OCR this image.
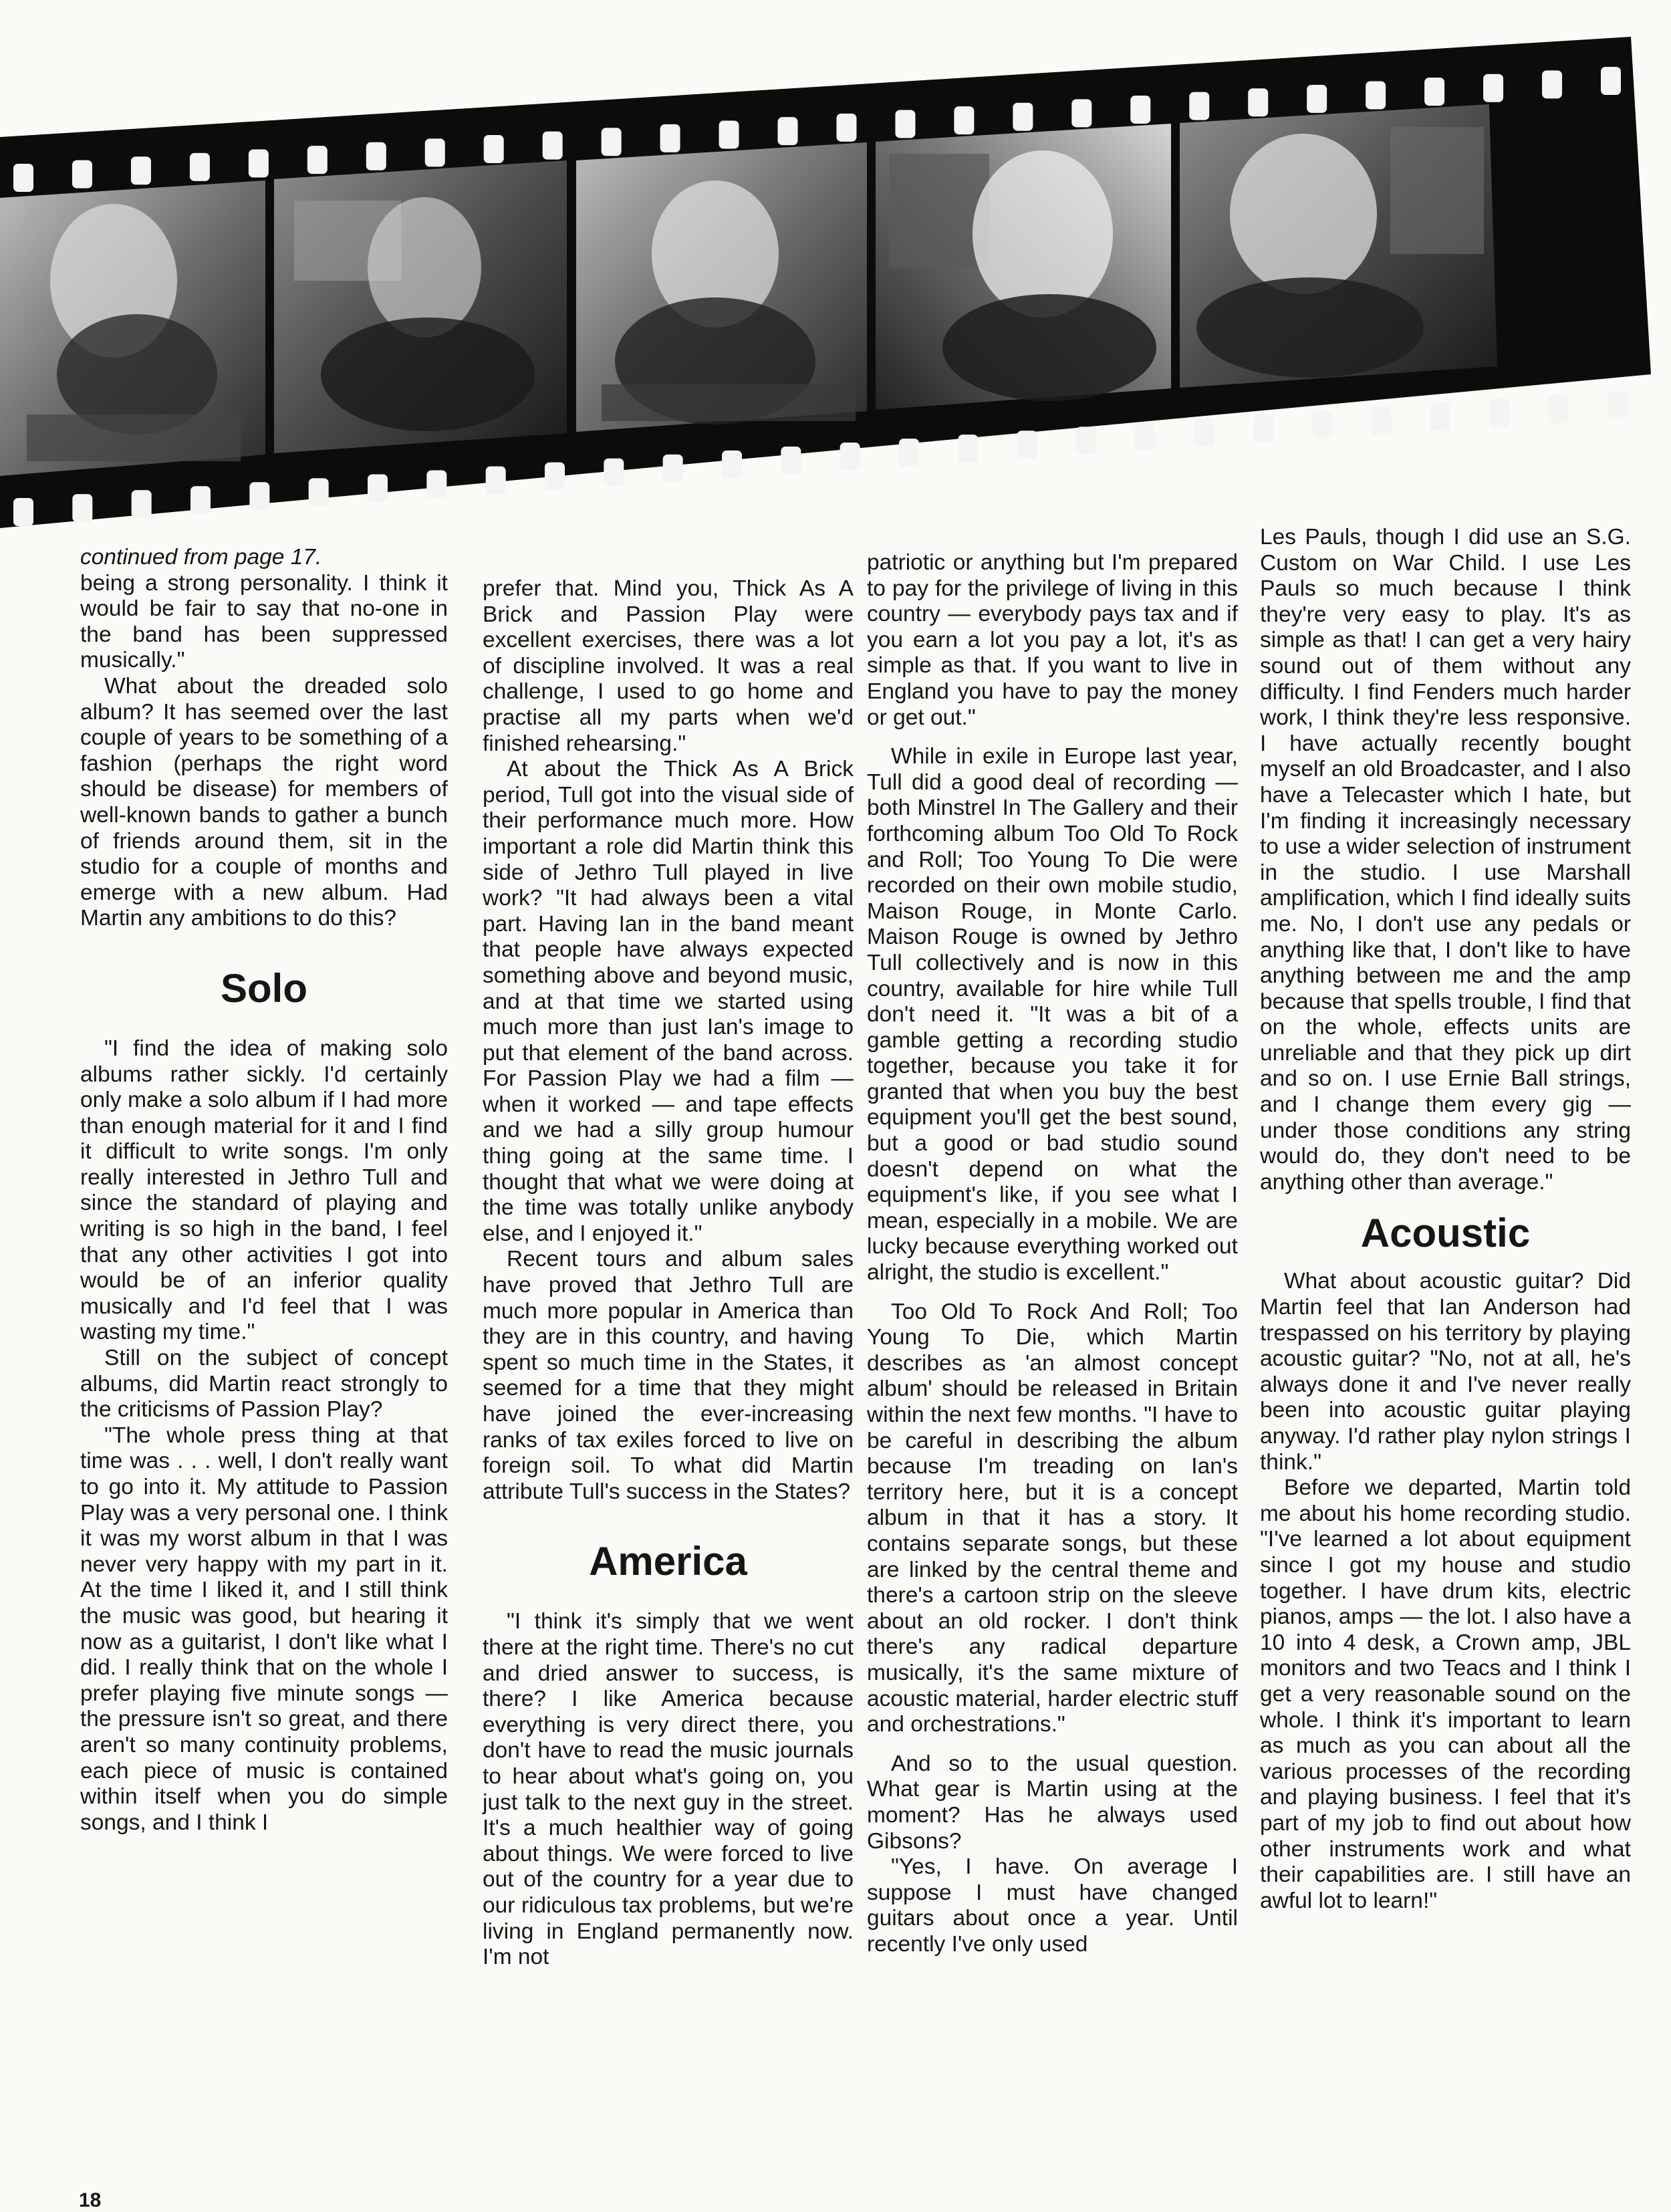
continued from page 17.

being a strong personality. I think it would be fair to say that no-one in the band has been suppressed musically."

What about the dreaded solo album? It has seemed over the last couple of years to be something of a fashion (perhaps the right word should be disease) for members of well-known bands to gather a bunch of friends around them, sit in the studio for a couple of months and emerge with a new album. Had Martin any ambitions to do this?

Solo

"I find the idea of making solo albums rather sickly. I'd certainly only make a solo album if I had more than enough material for it and I find it difficult to write songs. I'm only really interested in Jethro Tull and since the standard of playing and writing is so high in the band, I feel that any other activities I got into would be of an inferior quality musically and I'd feel that I was wasting my time."

Still on the subject of concept albums, did Martin react strongly to the criticisms of Passion Play?

"The whole press thing at that time was . . . well, I don't really want to go into it. My attitude to Passion Play was a very personal one. I think it was my worst album in that I was never very happy with my part in it. At the time I liked it, and I still think the music was good, but hearing it now as a guitarist, I don't like what I did. I really think that on the whole I prefer playing five minute songs — the pressure isn't so great, and there aren't so many continuity problems, each piece of music is contained within itself when you do simple songs, and I think I

prefer that. Mind you, Thick As A Brick and Passion Play were excellent exercises, there was a lot of discipline involved. It was a real challenge, I used to go home and practise all my parts when we'd finished rehearsing."

At about the Thick As A Brick period, Tull got into the visual side of their performance much more. How important a role did Martin think this side of Jethro Tull played in live work? "It had always been a vital part. Having Ian in the band meant that people have always expected something above and beyond music, and at that time we started using much more than just Ian's image to put that element of the band across. For Passion Play we had a film — when it worked — and tape effects and we had a silly group humour thing going at the same time. I thought that what we were doing at the time was totally unlike anybody else, and I enjoyed it."

Recent tours and album sales have proved that Jethro Tull are much more popular in America than they are in this country, and having spent so much time in the States, it seemed for a time that they might have joined the ever-increasing ranks of tax exiles forced to live on foreign soil. To what did Martin attribute Tull's success in the States?

America

"I think it's simply that we went there at the right time. There's no cut and dried answer to success, is there? I like America because everything is very direct there, you don't have to read the music journals to hear about what's going on, you just talk to the next guy in the street. It's a much healthier way of going about things. We were forced to live out of the country for a year due to our ridiculous tax problems, but we're living in England permanently now. I'm not

patriotic or anything but I'm prepared to pay for the privilege of living in this country — everybody pays tax and if you earn a lot you pay a lot, it's as simple as that. If you want to live in England you have to pay the money or get out."

While in exile in Europe last year, Tull did a good deal of recording — both Minstrel In The Gallery and their forthcoming album Too Old To Rock and Roll; Too Young To Die were recorded on their own mobile studio, Maison Rouge, in Monte Carlo. Maison Rouge is owned by Jethro Tull collectively and is now in this country, available for hire while Tull don't need it. "It was a bit of a gamble getting a recording studio together, because you take it for granted that when you buy the best equipment you'll get the best sound, but a good or bad studio sound doesn't depend on what the equipment's like, if you see what I mean, especially in a mobile. We are lucky because everything worked out alright, the studio is excellent."

Too Old To Rock And Roll; Too Young To Die, which Martin describes as 'an almost concept album' should be released in Britain within the next few months. "I have to be careful in describing the album because I'm treading on Ian's territory here, but it is a concept album in that it has a story. It contains separate songs, but these are linked by the central theme and there's a cartoon strip on the sleeve about an old rocker. I don't think there's any radical departure musically, it's the same mixture of acoustic material, harder electric stuff and orchestrations."

And so to the usual question. What gear is Martin using at the moment? Has he always used Gibsons?

"Yes, I have. On average I suppose I must have changed guitars about once a year. Until recently I've only used

Les Pauls, though I did use an S.G. Custom on War Child. I use Les Pauls so much because I think they're very easy to play. It's as simple as that! I can get a very hairy sound out of them without any difficulty. I find Fenders much harder work, I think they're less responsive. I have actually recently bought myself an old Broadcaster, and I also have a Telecaster which I hate, but I'm finding it increasingly necessary to use a wider selection of instrument in the studio. I use Marshall amplification, which I find ideally suits me. No, I don't use any pedals or anything like that, I don't like to have anything between me and the amp because that spells trouble, I find that on the whole, effects units are unreliable and that they pick up dirt and so on. I use Ernie Ball strings, and I change them every gig — under those conditions any string would do, they don't need to be anything other than average."

Acoustic

What about acoustic guitar? Did Martin feel that Ian Anderson had trespassed on his territory by playing acoustic guitar? "No, not at all, he's always done it and I've never really been into acoustic guitar playing anyway. I'd rather play nylon strings I think."

Before we departed, Martin told me about his home recording studio. "I've learned a lot about equipment since I got my house and studio together. I have drum kits, electric pianos, amps — the lot. I also have a 10 into 4 desk, a Crown amp, JBL monitors and two Teacs and I think I get a very reasonable sound on the whole. I think it's important to learn as much as you can about all the various processes of the recording and playing business. I feel that it's part of my job to find out about how other instruments work and what their capabilities are. I still have an awful lot to learn!"

18
